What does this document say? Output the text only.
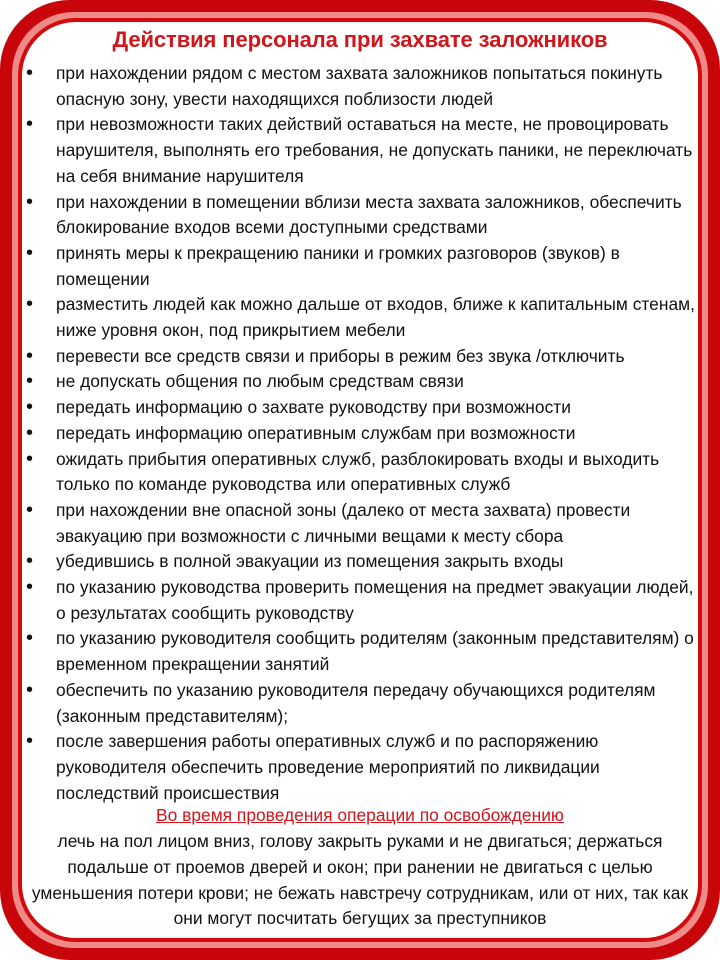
Действия персонала при захвате заложников
• при нахождении рядом с местом захвата заложников попытаться покинуть опасную зону, увести находящихся поблизости людей
• при невозможности таких действий оставаться на месте, не провоцировать нарушителя, выполнять его требования, не допускать паники, не переключать на себя внимание нарушителя
• при нахождении в помещении вблизи места захвата заложников, обеспечить блокирование входов всеми доступными средствами
• принять меры к прекращению паники и громких разговоров (звуков) в помещении
• разместить людей как можно дальше от входов, ближе к капитальным стенам, ниже уровня окон, под прикрытием мебели
• перевести все средств связи и приборы в режим без звука /отключить
• не допускать общения по любым средствам связи
• передать информацию о захвате руководству при возможности
• передать информацию оперативным службам при возможности
• ожидать прибытия оперативных служб, разблокировать входы и выходить только по команде руководства или оперативных служб
• при нахождении вне опасной зоны (далеко от места захвата) провести эвакуацию при возможности с личными вещами к месту сбора
• убедившись в полной эвакуации из помещения закрыть входы
• по указанию руководства проверить помещения на предмет эвакуации людей, о результатах сообщить руководству
• по указанию руководителя сообщить родителям (законным представителям) о временном прекращении занятий
• обеспечить по указанию руководителя передачу обучающихся родителям (законным представителям);
• после завершения работы оперативных служб и по распоряжению руководителя обеспечить проведение мероприятий по ликвидации последствий происшествия
Во время проведения операции по освобождению
лечь на пол лицом вниз, голову закрыть руками и не двигаться; держаться подальше от проемов дверей и окон; при ранении не двигаться с целью уменьшения потери крови; не бежать навстречу сотрудникам, или от них, так как они могут посчитать бегущих за преступников
